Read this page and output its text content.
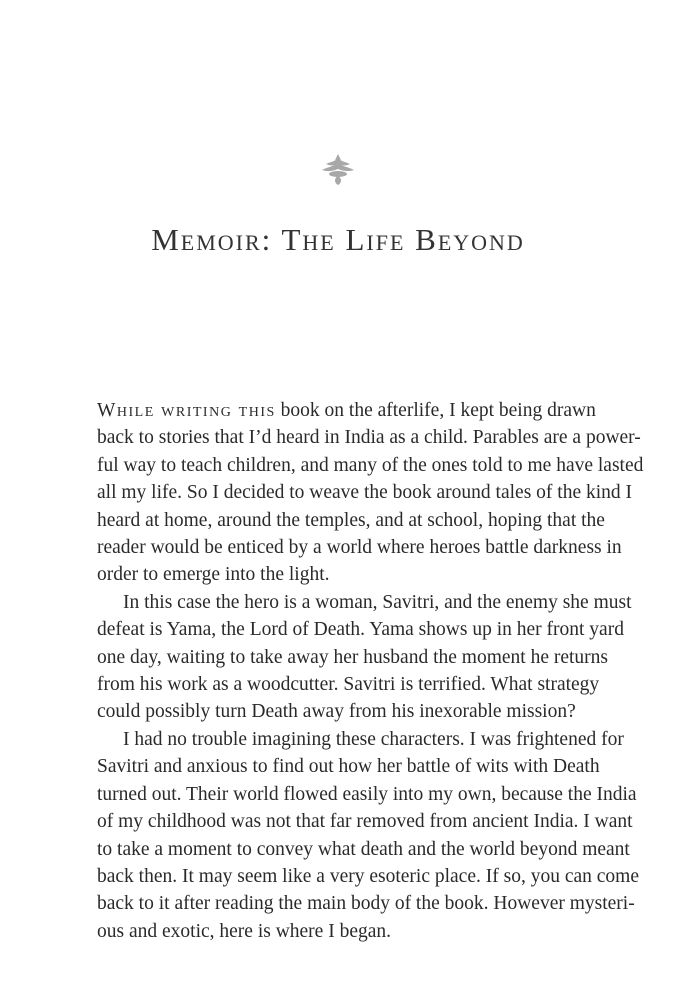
Memoir: The Life Beyond
While writing this book on the afterlife, I kept being drawn
back to stories that I’d heard in India as a child. Parables are a power-
ful way to teach children, and many of the ones told to me have lasted
all my life. So I decided to weave the book around tales of the kind I
heard at home, around the temples, and at school, hoping that the
reader would be enticed by a world where heroes battle darkness in
order to emerge into the light.
In this case the hero is a woman, Savitri, and the enemy she must
defeat is Yama, the Lord of Death. Yama shows up in her front yard
one day, waiting to take away her husband the moment he returns
from his work as a woodcutter. Savitri is terrified. What strategy
could possibly turn Death away from his inexorable mission?
I had no trouble imagining these characters. I was frightened for
Savitri and anxious to find out how her battle of wits with Death
turned out. Their world flowed easily into my own, because the India
of my childhood was not that far removed from ancient India. I want
to take a moment to convey what death and the world beyond meant
back then. It may seem like a very esoteric place. If so, you can come
back to it after reading the main body of the book. However mysteri-
ous and exotic, here is where I began.
